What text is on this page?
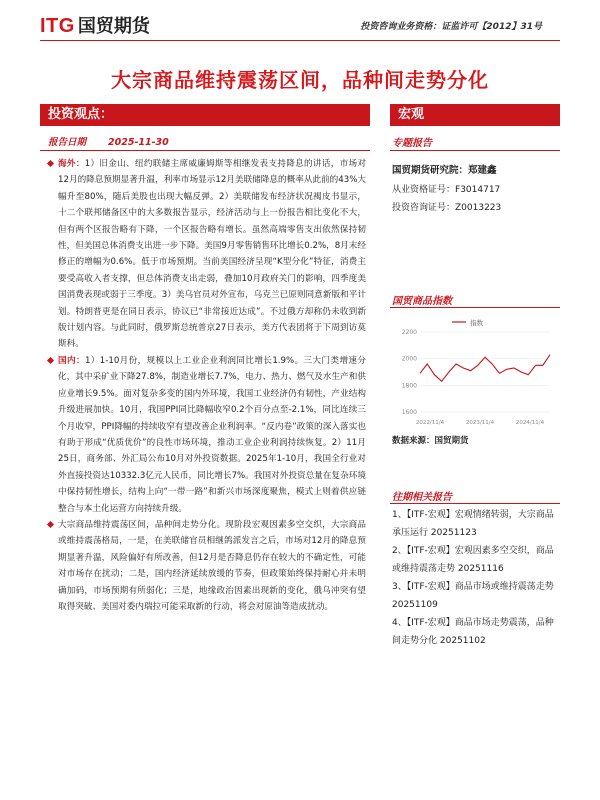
ITG 国贸期货	投资咨询业务资格：证监许可【2012】31号
大宗商品维持震荡区间，品种间走势分化
投资观点：
报告日期 2025-11-30

海外：1）旧金山、纽约联储主席威廉姆斯等相继发表支持降息的讲话，市场对12月的降息预期显著升温，利率市场显示12月美联储降息的概率从此前的43%大幅升至80%，随后美股也出现大幅反弹。2）美联储发布经济状况褐皮书显示，十二个联邦储备区中的大多数报告显示，经济活动与上一份报告相比变化不大，但有两个区报告略有下降，一个区报告略有增长。虽然高端零售支出依然保持韧性，但美国总体消费支出进一步下降。美国9月零售销售环比增长0.2%，8月末经修正的增幅为0.6%。低于市场预期。当前美国经济呈现“K型分化”特征，消费主要受高收入者支撑，但总体消费支出走弱，叠加10月政府关门的影响，四季度美国消费表现或弱于三季度。3）美乌官员对外宣布，乌克兰已原则同意新版和平计划。特朗普更是在同日表示，协议已“非常接近达成”。不过俄方却称仍未收到新版计划内容。与此同时，俄罗斯总统普京27日表示，美方代表团将于下周到访莫斯科。

国内：1）1-10月份，规模以上工业企业利润同比增长1.9%。三大门类增速分化，其中采矿业下降27.8%，制造业增长7.7%，电力、热力、燃气及水生产和供应业增长9.5%。面对复杂多变的国内外环境，我国工业经济仍有韧性，产业结构升级进展加快。10月，我国PPI同比降幅收窄0.2个百分点至-2.1%，同比连续三个月收窄，PPI降幅的持续收窄有望改善企业利润率。“反内卷”政策的深入落实也有助于形成“优质优价”的良性市场环境，推动工业企业利润持续恢复。2）11月25日，商务部、外汇局公布10月对外投资数据。2025年1-10月，我国全行业对外直接投资达10332.3亿元人民币，同比增长7%。我国对外投资总量在复杂环境中保持韧性增长，结构上向“一带一路”和新兴市场深度聚焦，模式上则着供应链整合与本土化运营方向持续升级。

大宗商品维持震荡区间，品种间走势分化。现阶段宏观因素多空交织，大宗商品或维持震荡格局，一是，在美联储官员相继鸽派发言之后，市场对12月的降息预期显著升温，风险偏好有所改善，但12月是否降息仍存在较大的不确定性，可能对市场存在扰动；二是，国内经济延续放缓的节奏，但政策始终保持耐心并未明确加码，市场预期有所弱化；三是，地缘政治因素出现新的变化，俄乌冲突有望取得突破、美国对委内瑞拉可能采取新的行动，将会对原油等造成扰动。

宏观
专题报告
国贸期货研究院：郑建鑫
从业资格证号：F3014717
投资咨询证号：Z0013223
国贸商品指数
1600
1800
2000
2200
2022/11/4	2023/11/4	2024/11/4
指数
数据来源：国贸期货
往期相关报告

1、【ITF-宏观】宏观情绪转弱，大宗商品承压运行 20251123

2、【ITF-宏观】宏观因素多空交织，商品或维持震荡走势 20251116

3、【ITF-宏观】商品市场或维持震荡走势 20251109

4、【ITF-宏观】商品市场走势震荡，品种间走势分化 20251102
